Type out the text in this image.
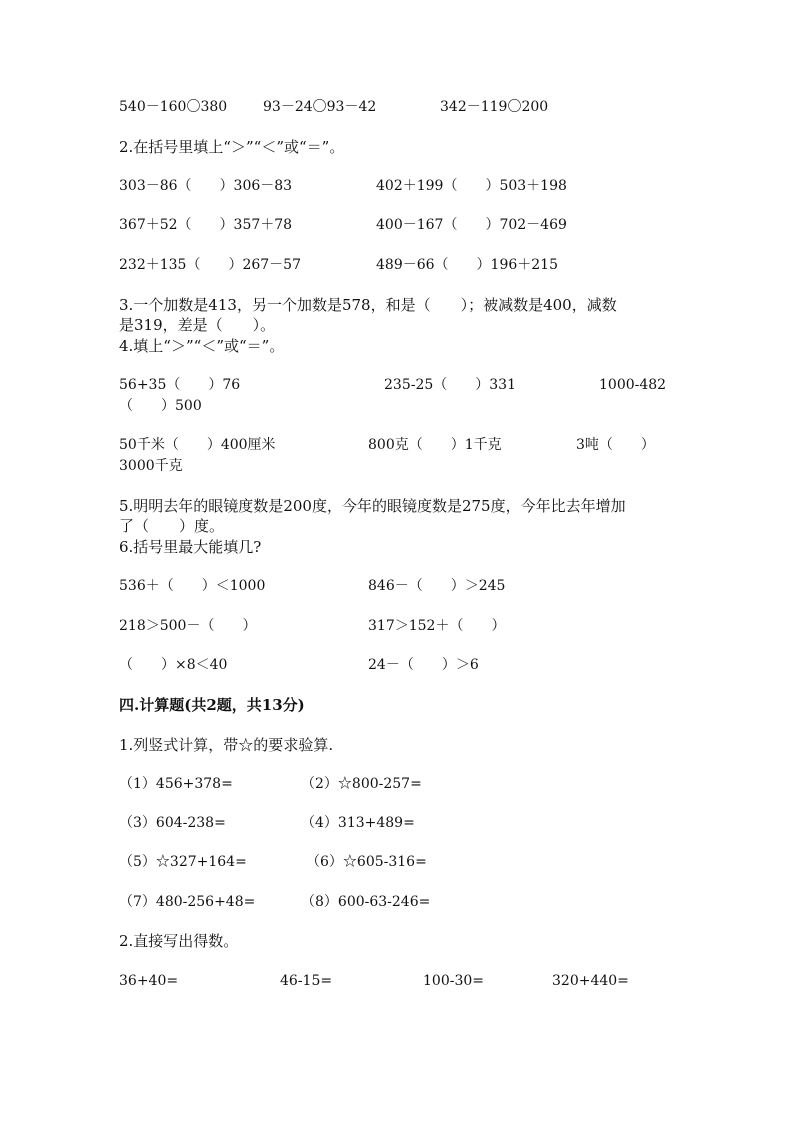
540－160〇380	93－24〇93－42	342－119〇200
2.在括号里填上“＞”“＜”或“＝”。
303－86（　　）306－83	402＋199（　　）503＋198
367＋52（　　）357＋78	400－167（　　）702－469
232＋135（　　）267－57	489－66（　　）196＋215
3.一个加数是413，另一个加数是578，和是（　　）；被减数是400，减数
是319，差是（　　）。
4.填上“＞”“＜”或“＝”。
56+35（　　）76	235-25（　　）331	1000-482
（　　）500
50千米（　　）400厘米	800克（　　）1千克	3吨（　　）
3000千克
5.明明去年的眼镜度数是200度，今年的眼镜度数是275度，今年比去年增加
了（　　）度。
6.括号里最大能填几?
536＋（　　）＜1000	846－（　　）＞245
218＞500－（　　）	317＞152＋（　　）
（　　）×8＜40	24－（　　）＞6
四.计算题(共2题，共13分)
1.列竖式计算，带☆的要求验算.
（1）456+378=	（2）☆800-257=
（3）604-238=	（4）313+489=
（5）☆327+164=	（6）☆605-316=
（7）480-256+48=	（8）600-63-246=
2.直接写出得数。
36+40=	46-15=	100-30=	320+440=
